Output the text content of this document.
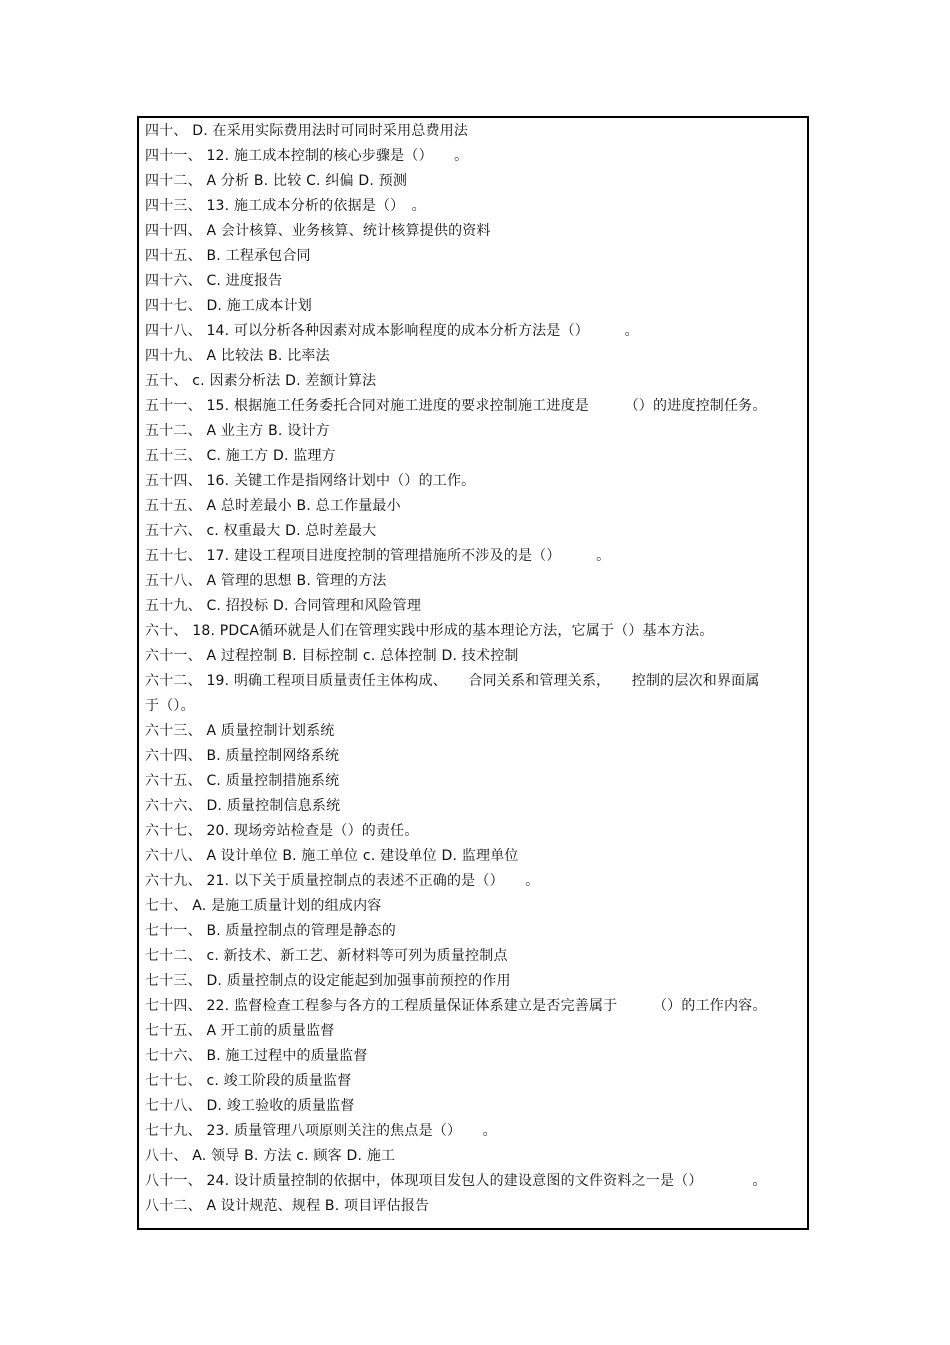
四十、 D. 在采用实际费用法时可同时采用总费用法
四十一、 12. 施工成本控制的核心步骤是（）　　。
四十二、 A 分析 B. 比较 C. 纠偏 D. 预测
四十三、 13. 施工成本分析的依据是（）　。
四十四、 A 会计核算、业务核算、统计核算提供的资料
四十五、 B. 工程承包合同
四十六、 C. 进度报告
四十七、 D. 施工成本计划
四十八、 14. 可以分析各种因素对成本影响程度的成本分析方法是（）　　　。
四十九、 A 比较法 B. 比率法
五十、 c. 因素分析法 D. 差额计算法
五十一、 15. 根据施工任务委托合同对施工进度的要求控制施工进度是　　　（）的进度控制任务。
五十二、 A 业主方 B. 设计方
五十三、 C. 施工方 D. 监理方
五十四、 16. 关键工作是指网络计划中（）的工作。
五十五、 A 总时差最小 B. 总工作量最小
五十六、 c. 权重最大 D. 总时差最大
五十七、 17. 建设工程项目进度控制的管理措施所不涉及的是（）　　　。
五十八、 A 管理的思想 B. 管理的方法
五十九、 C. 招投标 D. 合同管理和风险管理
六十、 18. PDCA循环就是人们在管理实践中形成的基本理论方法，它属于（）基本方法。
六十一、 A 过程控制 B. 目标控制 c. 总体控制 D. 技术控制
六十二、 19. 明确工程项目质量责任主体构成、　　合同关系和管理关系，　　控制的层次和界面属
于（）。
六十三、 A 质量控制计划系统
六十四、 B. 质量控制网络系统
六十五、 C. 质量控制措施系统
六十六、 D. 质量控制信息系统
六十七、 20. 现场旁站检查是（）的责任。
六十八、 A 设计单位 B. 施工单位 c. 建设单位 D. 监理单位
六十九、 21. 以下关于质量控制点的表述不正确的是（）　　。
七十、 A. 是施工质量计划的组成内容
七十一、 B. 质量控制点的管理是静态的
七十二、 c. 新技术、新工艺、新材料等可列为质量控制点
七十三、 D. 质量控制点的设定能起到加强事前预控的作用
七十四、 22. 监督检查工程参与各方的工程质量保证体系建立是否完善属于　　　（）的工作内容。
七十五、 A 开工前的质量监督
七十六、 B. 施工过程中的质量监督
七十七、 c. 竣工阶段的质量监督
七十八、 D. 竣工验收的质量监督
七十九、 23. 质量管理八项原则关注的焦点是（）　　。
八十、 A. 领导 B. 方法 c. 顾客 D. 施工
八十一、 24. 设计质量控制的依据中，体现项目发包人的建设意图的文件资料之一是（）　　　　。
八十二、 A 设计规范、规程 B. 项目评估报告
